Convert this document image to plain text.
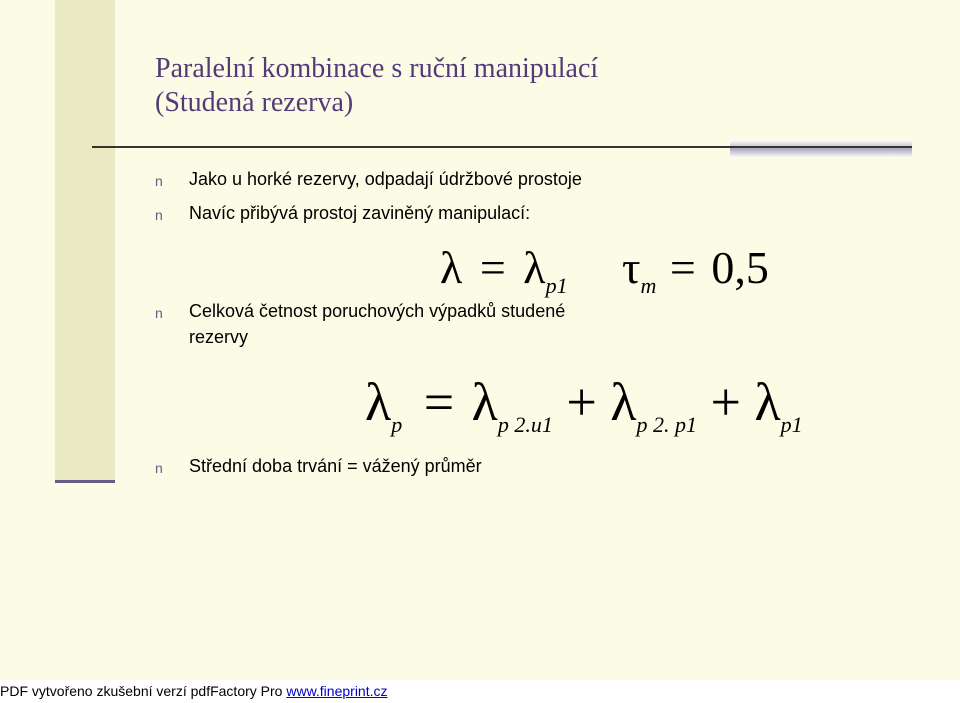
Paralelní kombinace s ruční manipulací
(Studená rezerva)
n Jako u horké rezervy, odpadají údržbové prostoje
n Navíc přibývá prostoj zaviněný manipulací:
n Celková četnost poruchových výpadků studené
rezervy
n Střední doba trvání = vážený průměr
$\lambda = \lambda_{p1}$ $\tau_m = 0,5$
$\lambda_p = \lambda_{p 2.u1} + \lambda_{p 2. p1} + \lambda_{p1}$
PDF vytvořeno zkušební verzí pdfFactory Pro www.fineprint.cz
